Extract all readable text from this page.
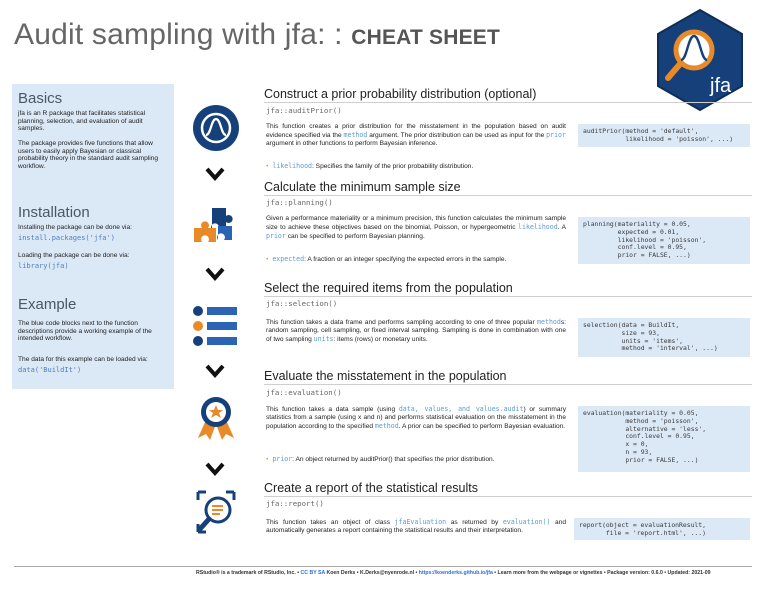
Audit sampling with jfa: : CHEAT SHEET
jfa
Basics
jfa is an R package that facilitates statistical planning, selection, and evaluation of audit samples.
The package provides five functions that allow users to easily apply Bayesian or classical probability theory in the standard audit sampling workflow.
Installation
Installing the package can be done via:
install.packages('jfa')
Loading the package can be done via:
library(jfa)
Example
The blue code blocks next to the function descriptions provide a working example of the intended workflow.
The data for this example can be loaded via:
data('BuildIt')
Construct a prior probability distribution (optional)
jfa::auditPrior()
This function creates a prior distribution for the misstatement in the population based on audit evidence specified via the method argument. The prior distribution can be used as input for the prior argument in other functions to perform Bayesian inference.
• likelihood: Specifies the family of the prior probability distribution.
auditPrior(method = 'default',
likelihood = 'poisson', ...)
Calculate the minimum sample size
jfa::planning()
Given a performance materiality or a minimum precision, this function calculates the minimum sample size to achieve these objectives based on the binomial, Poisson, or hypergeometric likelihood. A prior can be specified to perform Bayesian planning.
• expected: A fraction or an integer specifying the expected errors in the sample.
planning(materiality = 0.05,
expected = 0.01,
likelihood = 'poisson',
conf.level = 0.95,
prior = FALSE, ...)
Select the required items from the population
jfa::selection()
This function takes a data frame and performs sampling according to one of three popular methods: random sampling, cell sampling, or fixed interval sampling. Sampling is done in combination with one of two sampling units: items (rows) or monetary units.
selection(data = BuildIt,
size = 93,
units = 'items',
method = 'interval', ...)
Evaluate the misstatement in the population
jfa::evaluation()
This function takes a data sample (using data, values, and values.audit) or summary statistics from a sample (using x and n) and performs statistical evaluation on the misstatement in the population according to the specified method. A prior can be specified to perform Bayesian evaluation.
• prior: An object returned by auditPrior() that specifies the prior distribution.
evaluation(materiality = 0.05,
method = 'poisson',
alternative = 'less',
conf.level = 0.95,
x = 0,
n = 93,
prior = FALSE, ...)
Create a report of the statistical results
jfa::report()
This function takes an object of class jfaEvaluation as returned by evaluation() and automatically generates a report containing the statistical results and their interpretation.
report(object = evaluationResult,
file = 'report.html', ...)
RStudio® is a trademark of RStudio, Inc. • CC BY SA Koen Derks • K.Derks@nyenrode.nl • https://koenderks.github.io/jfa • Learn more from the webpage or vignettes • Package version: 0.6.0 • Updated: 2021-09
